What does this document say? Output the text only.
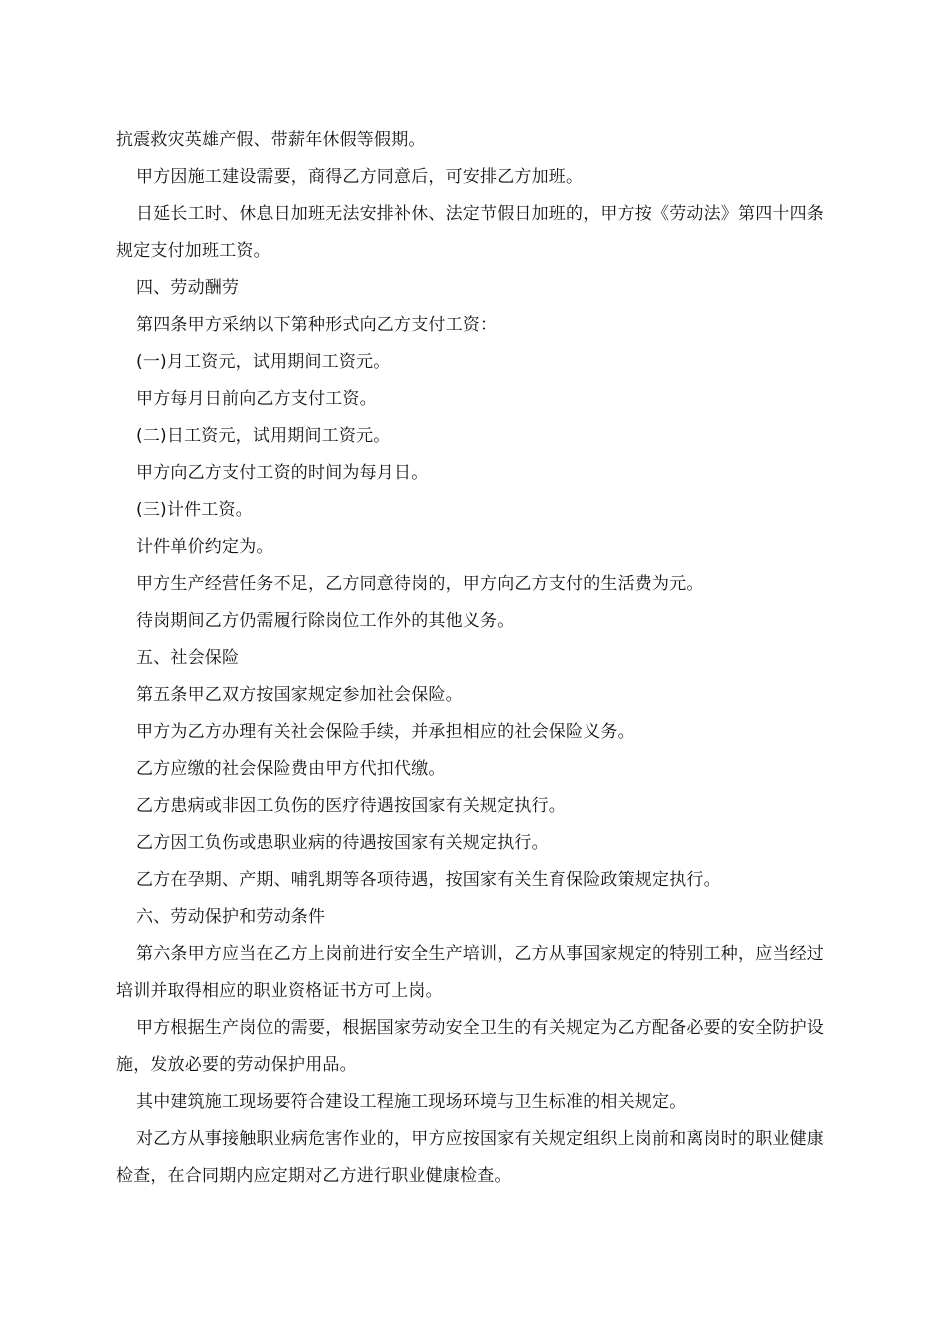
抗震救灾英雄产假、带薪年休假等假期。

甲方因施工建设需要，商得乙方同意后，可安排乙方加班。

日延长工时、休息日加班无法安排补休、法定节假日加班的，甲方按《劳动法》第四十四条规定支付加班工资。

四、劳动酬劳

第四条甲方采纳以下第种形式向乙方支付工资：

(一)月工资元，试用期间工资元。

甲方每月日前向乙方支付工资。

(二)日工资元，试用期间工资元。

甲方向乙方支付工资的时间为每月日。

(三)计件工资。

计件单价约定为。

甲方生产经营任务不足，乙方同意待岗的，甲方向乙方支付的生活费为元。

待岗期间乙方仍需履行除岗位工作外的其他义务。

五、社会保险

第五条甲乙双方按国家规定参加社会保险。

甲方为乙方办理有关社会保险手续，并承担相应的社会保险义务。

乙方应缴的社会保险费由甲方代扣代缴。

乙方患病或非因工负伤的医疗待遇按国家有关规定执行。

乙方因工负伤或患职业病的待遇按国家有关规定执行。

乙方在孕期、产期、哺乳期等各项待遇，按国家有关生育保险政策规定执行。

六、劳动保护和劳动条件

第六条甲方应当在乙方上岗前进行安全生产培训，乙方从事国家规定的特别工种，应当经过培训并取得相应的职业资格证书方可上岗。

甲方根据生产岗位的需要，根据国家劳动安全卫生的有关规定为乙方配备必要的安全防护设施，发放必要的劳动保护用品。

其中建筑施工现场要符合建设工程施工现场环境与卫生标准的相关规定。

对乙方从事接触职业病危害作业的，甲方应按国家有关规定组织上岗前和离岗时的职业健康检查，在合同期内应定期对乙方进行职业健康检查。
